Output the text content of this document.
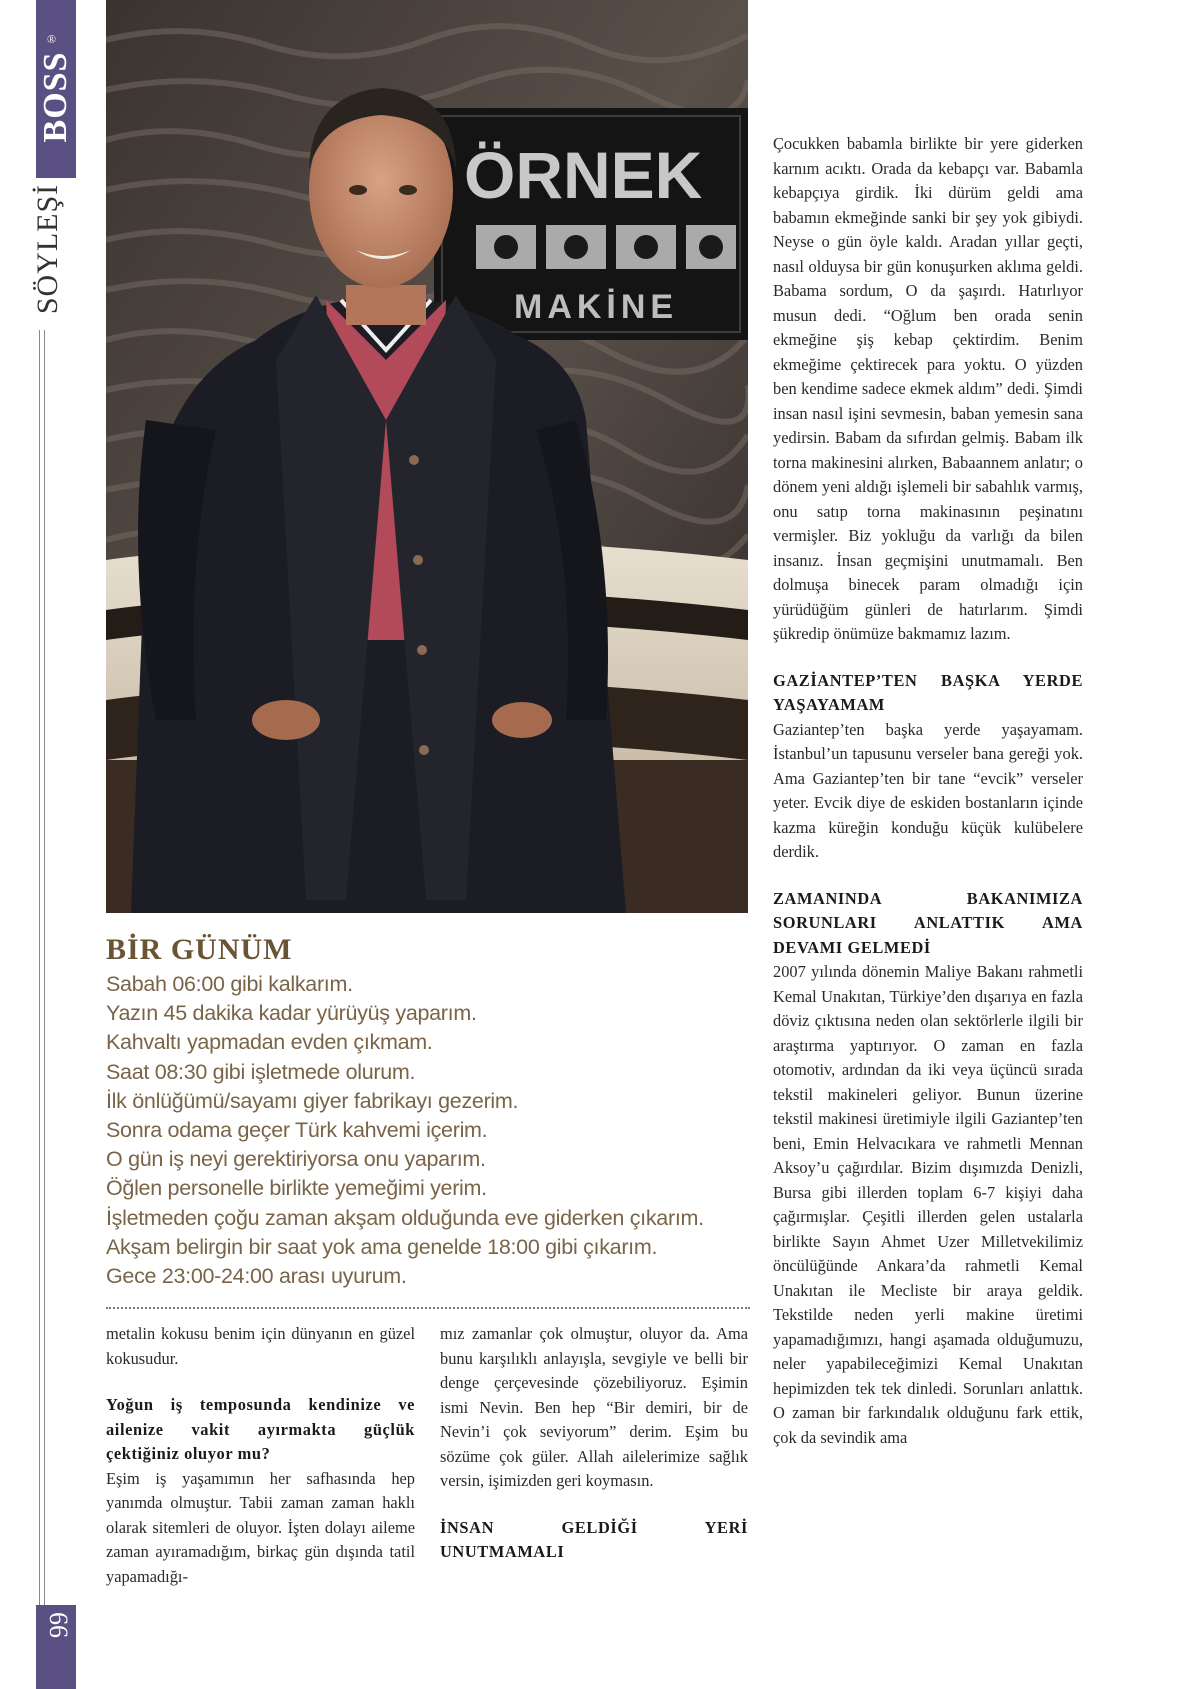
BOSS
®
SÖYLEŞİ
66
ÖRNEK
MAKİNE

Çocukken babamla birlikte bir yere giderken karnım acıktı. Orada da kebapçı var. Babamla kebapçıya girdik. İki dürüm geldi ama babamın ekmeğinde sanki bir şey yok gibiydi. Neyse o gün öyle kaldı. Aradan yıllar geçti, nasıl olduysa bir gün konuşurken aklıma geldi. Babama sordum, O da şaşırdı. Hatırlıyor musun dedi. “Oğlum ben orada senin ekmeğine şiş kebap çektirdim. Benim ekmeğime çektirecek para yoktu. O yüzden ben kendime sadece ekmek aldım” dedi. Şimdi insan nasıl işini sevmesin, baban yemesin sana yedirsin. Babam da sıfırdan gelmiş. Babam ilk torna makinesini alırken, Babaannem anlatır; o dönem yeni aldığı işlemeli bir sabahlık varmış, onu satıp torna makinasının peşinatını vermişler. Biz yokluğu da varlığı da bilen insanız. İnsan geçmişini unutmamalı. Ben dolmuşa binecek param olmadığı için yürüdüğüm günleri de hatırlarım. Şimdi şükredip önümüze bakmamız lazım.

GAZİANTEP’TEN BAŞKA YERDE YAŞAYAMAM

Gaziantep’ten başka yerde yaşayamam. İstanbul’un tapusunu verseler bana gereği yok. Ama Gaziantep’ten bir tane “evcik” verseler yeter. Evcik diye de eskiden bostanların içinde kazma küreğin konduğu küçük kulübelere derdik.

ZAMANINDA BAKANIMIZA SORUNLARI ANLATTIK AMA DEVAMI GELMEDİ

2007 yılında dönemin Maliye Bakanı rahmetli Kemal Unakıtan, Türkiye’den dışarıya en fazla döviz çıktısına neden olan sektörlerle ilgili bir araştırma yaptırıyor. O zaman en fazla otomotiv, ardından da iki veya üçüncü sırada tekstil makineleri geliyor. Bunun üzerine tekstil makinesi üretimiyle ilgili Gaziantep’ten beni, Emin Helvacıkara ve rahmetli Mennan Aksoy’u çağırdılar. Bizim dışımızda Denizli, Bursa gibi illerden toplam 6-7 kişiyi daha çağırmışlar. Çeşitli illerden gelen ustalarla birlikte Sayın Ahmet Uzer Milletvekilimiz öncülüğünde Ankara’da rahmetli Kemal Unakıtan ile Mecliste bir araya geldik. Tekstilde neden yerli makine üretimi yapamadığımızı, hangi aşamada olduğumuzu, neler yapabileceğimizi Kemal Unakıtan hepimizden tek tek dinledi. Sorunları anlattık. O zaman bir farkındalık olduğunu fark ettik, çok da sevindik ama

BİR GÜNÜM
Sabah 06:00 gibi kalkarım.
Yazın 45 dakika kadar yürüyüş yaparım.
Kahvaltı yapmadan evden çıkmam.
Saat 08:30 gibi işletmede olurum.
İlk önlüğümü/sayamı giyer fabrikayı gezerim.
Sonra odama geçer Türk kahvemi içerim.
O gün iş neyi gerektiriyorsa onu yaparım.
Öğlen personelle birlikte yemeğimi yerim.
İşletmeden çoğu zaman akşam olduğunda eve giderken çıkarım.
Akşam belirgin bir saat yok ama genelde 18:00 gibi çıkarım.
Gece 23:00-24:00 arası uyurum.

metalin kokusu benim için dünyanın en güzel kokusudur.

Yoğun iş temposunda kendinize ve ailenize vakit ayırmakta güçlük çektiğiniz oluyor mu?

Eşim iş yaşamımın her safhasında hep yanımda olmuştur. Tabii zaman zaman haklı olarak sitemleri de oluyor. İşten dolayı aileme zaman ayıramadığım, birkaç gün dışında tatil yapamadığı-

mız zamanlar çok olmuştur, oluyor da. Ama bunu karşılıklı anlayışla, sevgiyle ve belli bir denge çerçevesinde çözebiliyoruz. Eşimin ismi Nevin. Ben hep “Bir demiri, bir de Nevin’i çok seviyorum” derim. Eşim bu sözüme çok güler. Allah ailelerimize sağlık versin, işimizden geri koymasın.

İNSAN GELDİĞİ YERİ UNUTMAMALI
